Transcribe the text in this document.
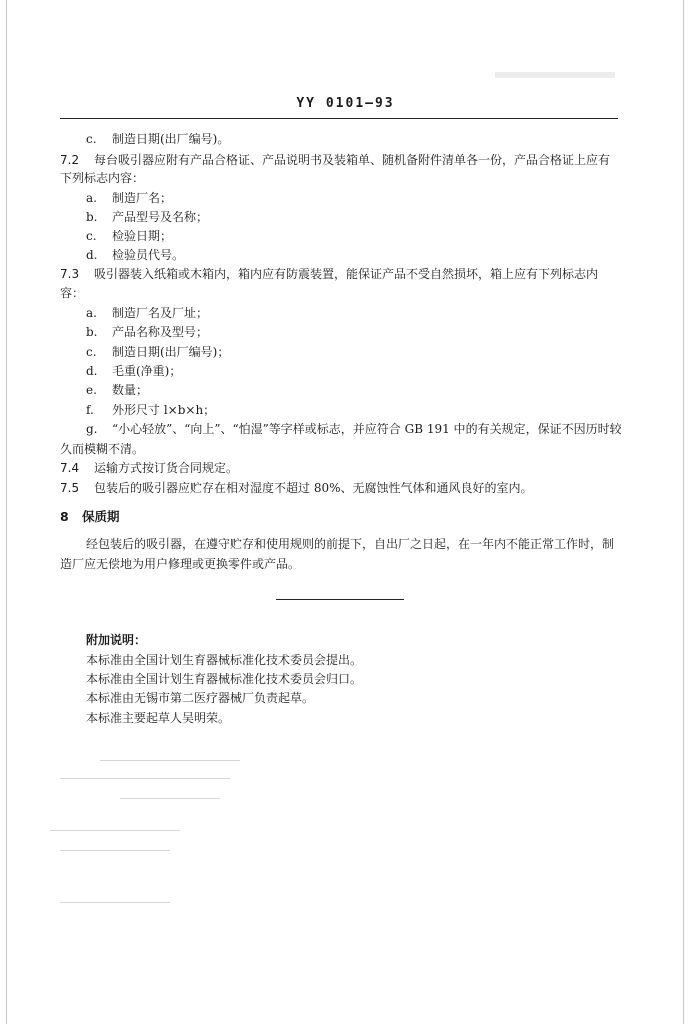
YY 0101—93
c. 制造日期(出厂编号)。
7.2 每台吸引器应附有产品合格证、产品说明书及装箱单、随机备附件清单各一份，产品合格证上应有
下列标志内容：
a. 制造厂名；
b. 产品型号及名称；
c. 检验日期；
d. 检验员代号。
7.3 吸引器装入纸箱或木箱内，箱内应有防震装置，能保证产品不受自然损坏，箱上应有下列标志内
容：
a. 制造厂名及厂址；
b. 产品名称及型号；
c. 制造日期(出厂编号)；
d. 毛重(净重)；
e. 数量；
f. 外形尺寸 l×b×h；
g. “小心轻放”、“向上”、“怕湿”等字样或标志，并应符合 GB 191 中的有关规定，保证不因历时较
久而模糊不清。
7.4 运输方式按订货合同规定。
7.5 包装后的吸引器应贮存在相对湿度不超过 80%、无腐蚀性气体和通风良好的室内。
8 保质期
经包装后的吸引器，在遵守贮存和使用规则的前提下，自出厂之日起，在一年内不能正常工作时，制
造厂应无偿地为用户修理或更换零件或产品。
附加说明：
本标准由全国计划生育器械标准化技术委员会提出。
本标准由全国计划生育器械标准化技术委员会归口。
本标准由无锡市第二医疗器械厂负责起草。
本标准主要起草人吴明荣。
